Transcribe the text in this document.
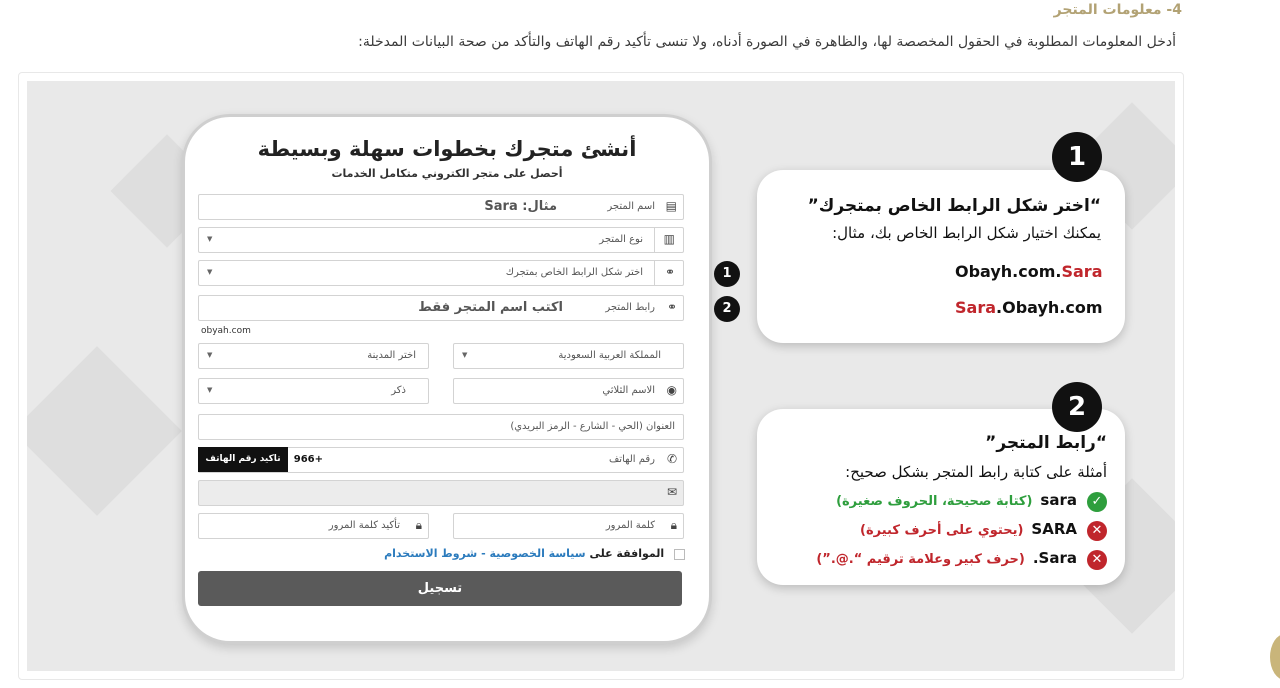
4- معلومات المتجر
أدخل المعلومات المطلوبة في الحقول المخصصة لها، والظاهرة في الصورة أدناه، ولا تنسى تأكيد رقم الهاتف والتأكد من صحة البيانات المدخلة:
أنشئ متجرك بخطوات سهلة وبسيطة
أحصل على متجر الكتروني متكامل الخدمات
▤
اسم المتجر
مثال: Sara
▥
نوع المتجر
▼
⚭
اختر شكل الرابط الخاص بمتجرك
▼
⚭
رابط المتجر
اكتب اسم المتجر فقط
obyah.com
المملكة العربية السعودية
▼
اختر المدينة
▼
◉
الاسم الثلاثي
ذكر
▼
العنوان (الحي - الشارع - الرمز البريدي)
✆
رقم الهاتف
+966
✉
🔒︎
كلمة المرور
🔒︎
تأكيد كلمة المرور
الموافقة على سياسة الخصوصية - شروط الاستخدام
تاكيد رقم الهاتف
تسجيل
1
2
“اختر شكل الرابط الخاص بمتجرك”

يمكنك اختيار شكل الرابط الخاص بك، مثال:

Obayh.com.Sara
Sara.Obayh.com
1
“رابط المتجر”

أمثلة على كتابة رابط المتجر بشكل صحيح:

✓sara(كتابة صحيحة، الحروف صغيرة)
✕SARA(يحتوي على أحرف كبيرة)
✕Sara.(حرف كبير وعلامة ترقيم “.@.”)
2
